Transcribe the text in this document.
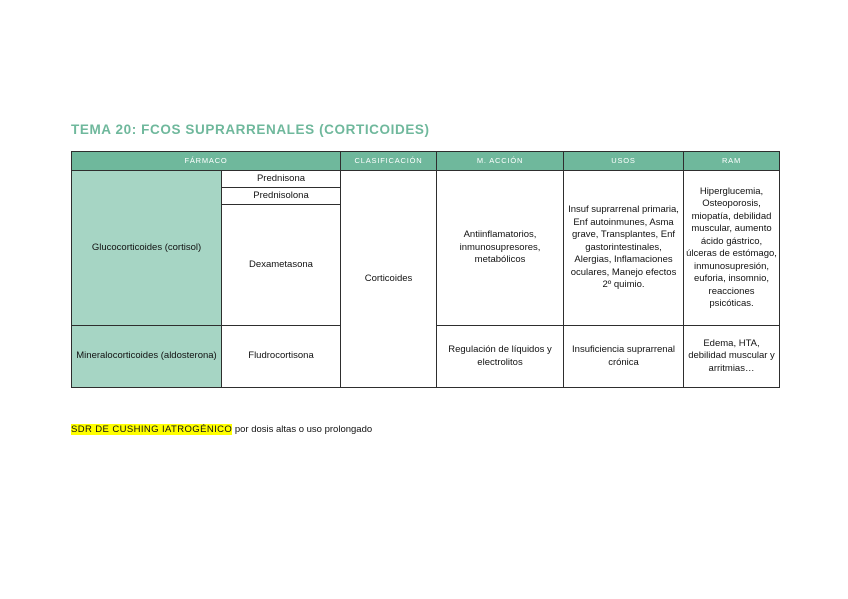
TEMA 20: FCOS SUPRARRENALES (CORTICOIDES)
FÁRMACO		CLASIFICACIÓN	M. ACCIÓN	USOS	RAM
Glucocorticoides (cortisol)	Prednisona	Corticoides	Antiinflamatorios, inmunosupresores, metabólicos	Insuf suprarrenal primaria, Enf autoinmunes, Asma grave, Transplantes, Enf gastorintestinales, Alergias, Inflamaciones oculares, Manejo efectos 2º quimio.	Hiperglucemia, Osteoporosis, miopatía, debilidad muscular, aumento ácido gástrico, úlceras de estómago, inmunosupresión, euforia, insomnio, reacciones psicóticas.
	Prednisolona				
	Dexametasona				
Mineralocorticoides (aldosterona)	Fludrocortisona		Regulación de líquidos y electrolitos	Insuficiencia suprarrenal crónica	Edema, HTA, debilidad muscular y arritmias…
SDR DE CUSHING IATROGÉNICO por dosis altas o uso prolongado
